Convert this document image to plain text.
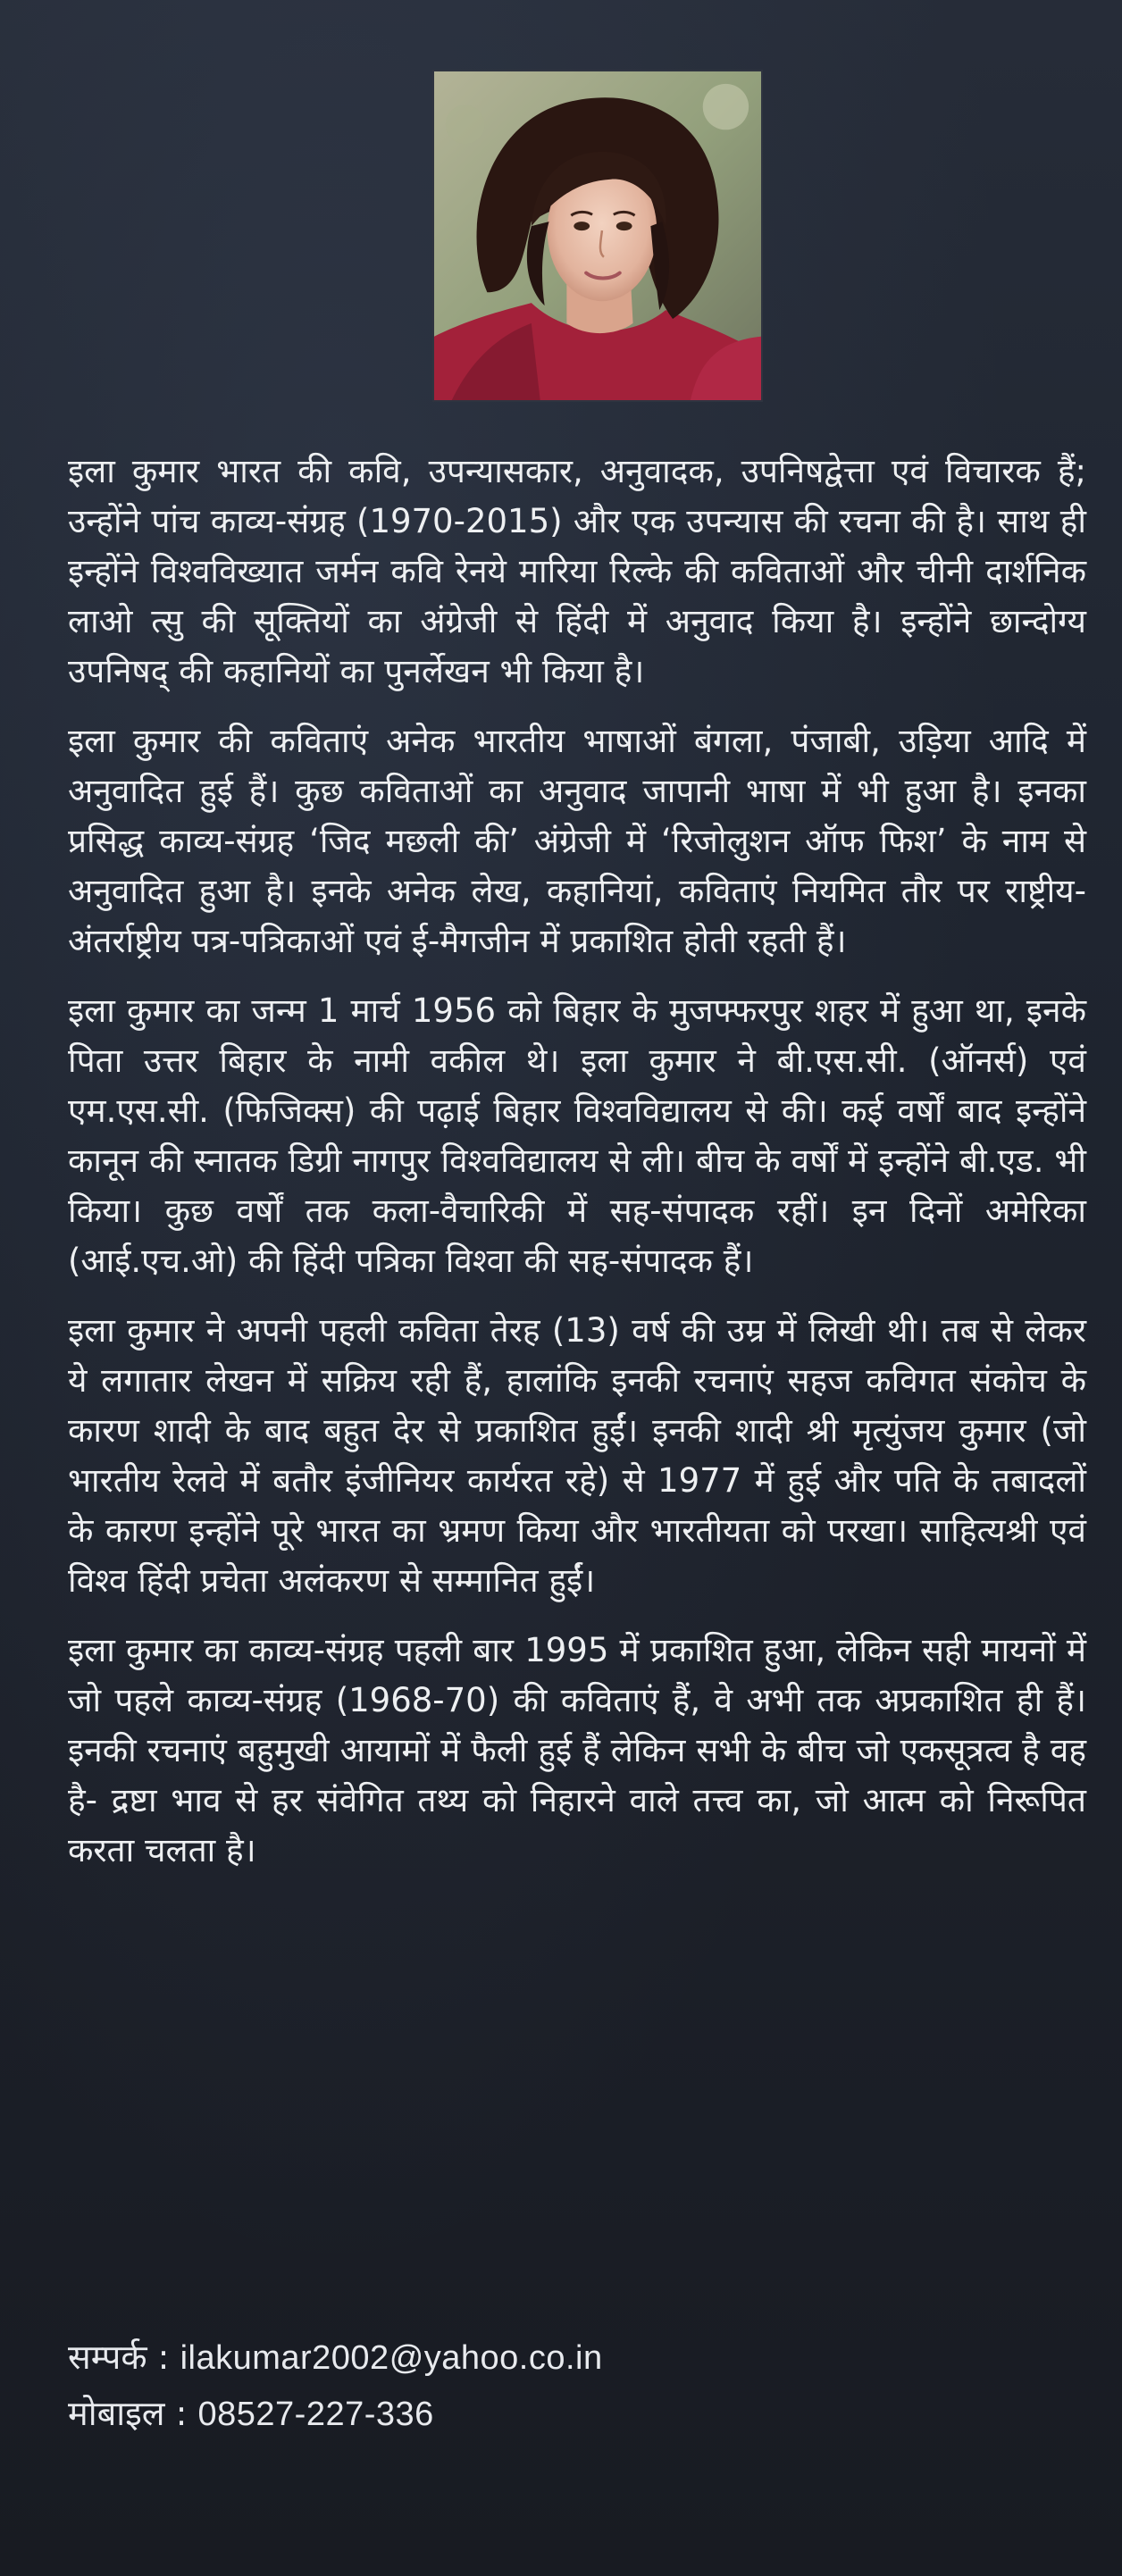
इला कुमार भारत की कवि, उपन्यासकार, अनुवादक, उपनिषद्वेत्ता एवं विचारक हैं; उन्होंने पांच काव्य-संग्रह (1970-2015) और एक उपन्यास की रचना की है। साथ ही इन्होंने विश्वविख्यात जर्मन कवि रेनये मारिया रिल्के की कविताओं और चीनी दार्शनिक लाओ त्सु की सूक्तियों का अंग्रेजी से हिंदी में अनुवाद किया है। इन्होंने छान्दोग्य उपनिषद् की कहानियों का पुनर्लेखन भी किया है।

इला कुमार की कविताएं अनेक भारतीय भाषाओं बंगला, पंजाबी, उड़िया आदि में अनुवादित हुई हैं। कुछ कविताओं का अनुवाद जापानी भाषा में भी हुआ है। इनका प्रसिद्ध काव्य-संग्रह ‘जिद मछली की’ अंग्रेजी में ‘रिजोलुशन ऑफ फिश’ के नाम से अनुवादित हुआ है। इनके अनेक लेख, कहानियां, कविताएं नियमित तौर पर राष्ट्रीय-अंतर्राष्ट्रीय पत्र-पत्रिकाओं एवं ई-मैगजीन में प्रकाशित होती रहती हैं।

इला कुमार का जन्म 1 मार्च 1956 को बिहार के मुजफ्फरपुर शहर में हुआ था, इनके पिता उत्तर बिहार के नामी वकील थे। इला कुमार ने बी.एस.सी. (ऑनर्स) एवं एम.एस.सी. (फिजिक्स) की पढ़ाई बिहार विश्वविद्यालय से की। कई वर्षों बाद इन्होंने कानून की स्नातक डिग्री नागपुर विश्वविद्यालय से ली। बीच के वर्षों में इन्होंने बी.एड. भी किया। कुछ वर्षों तक कला-वैचारिकी में सह-संपादक रहीं। इन दिनों अमेरिका (आई.एच.ओ) की हिंदी पत्रिका विश्वा की सह-संपादक हैं।

इला कुमार ने अपनी पहली कविता तेरह (13) वर्ष की उम्र में लिखी थी। तब से लेकर ये लगातार लेखन में सक्रिय रही हैं, हालांकि इनकी रचनाएं सहज कविगत संकोच के कारण शादी के बाद बहुत देर से प्रकाशित हुईं। इनकी शादी श्री मृत्युंजय कुमार (जो भारतीय रेलवे में बतौर इंजीनियर कार्यरत रहे) से 1977 में हुई और पति के तबादलों के कारण इन्होंने पूरे भारत का भ्रमण किया और भारतीयता को परखा। साहित्यश्री एवं विश्व हिंदी प्रचेता अलंकरण से सम्मानित हुईं।

इला कुमार का काव्य-संग्रह पहली बार 1995 में प्रकाशित हुआ, लेकिन सही मायनों में जो पहले काव्य-संग्रह (1968-70) की कविताएं हैं, वे अभी तक अप्रकाशित ही हैं। इनकी रचनाएं बहुमुखी आयामों में फैली हुई हैं लेकिन सभी के बीच जो एकसूत्रत्व है वह है- द्रष्टा भाव से हर संवेगित तथ्य को निहारने वाले तत्त्व का, जो आत्म को निरूपित करता चलता है।

सम्पर्क : ilakumar2002@yahoo.co.in
मोबाइल : 08527-227-336
